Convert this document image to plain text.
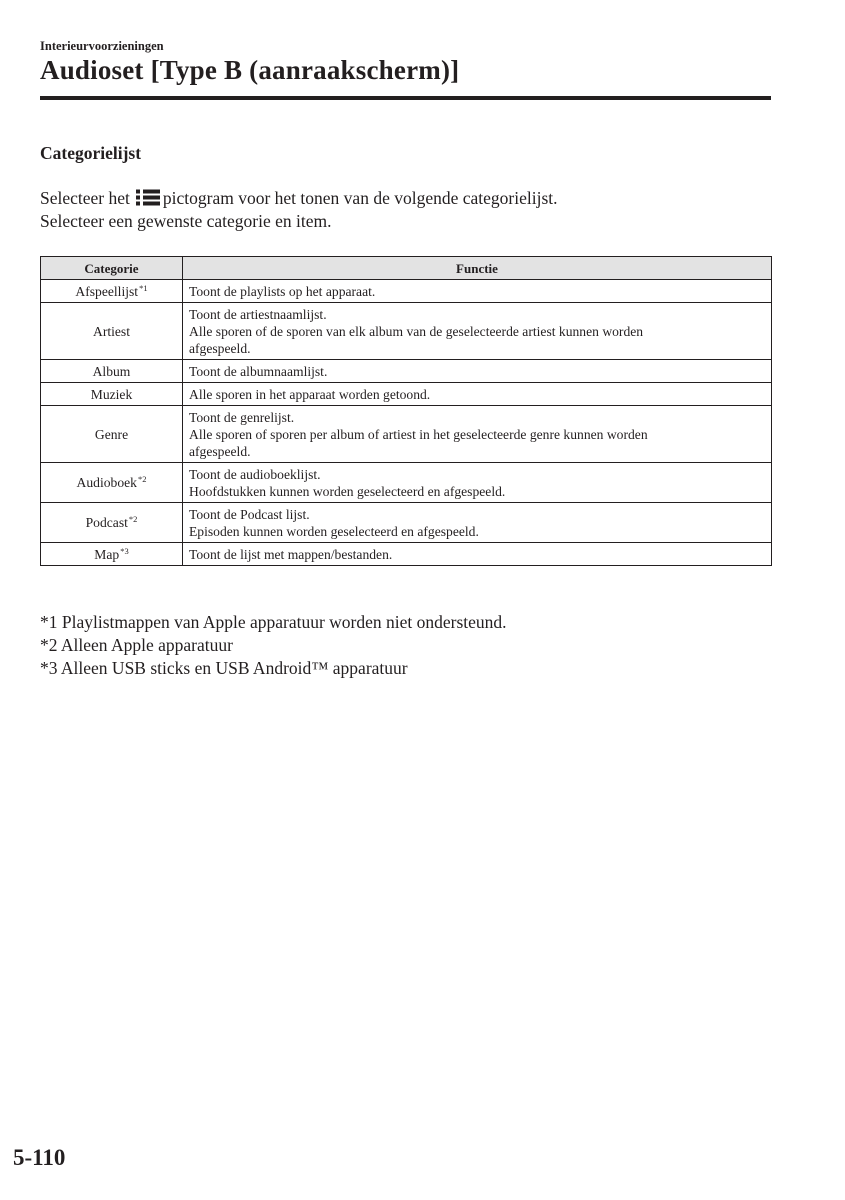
Interieurvoorzieningen
Audioset [Type B (aanraakscherm)]
Categorielijst
Selecteer het pictogram voor het tonen van de volgende categorielijst.
Selecteer een gewenste categorie en item.
Categorie	Functie
Afspeellijst$^{*1}$	Toont de playlists op het apparaat.

Artiest	Toont de artiestnaamlijst.
Alle sporen of de sporen van elk album van de geselecteerde artiest kunnen worden
afgespeeld.

Album	Toont de albumnaamlijst.

Muziek	Alle sporen in het apparaat worden getoond.

Genre	Toont de genrelijst.
Alle sporen of sporen per album of artiest in het geselecteerde genre kunnen worden
afgespeeld.

Audioboek$^{*2}$	Toont de audioboeklijst.
Hoofdstukken kunnen worden geselecteerd en afgespeeld.

Podcast$^{*2}$	Toont de Podcast lijst.
Episoden kunnen worden geselecteerd en afgespeeld.

Map$^{*3}$	Toont de lijst met mappen/bestanden.
*1 Playlistmappen van Apple apparatuur worden niet ondersteund.
*2 Alleen Apple apparatuur
*3 Alleen USB sticks en USB Android™ apparatuur
5-110
